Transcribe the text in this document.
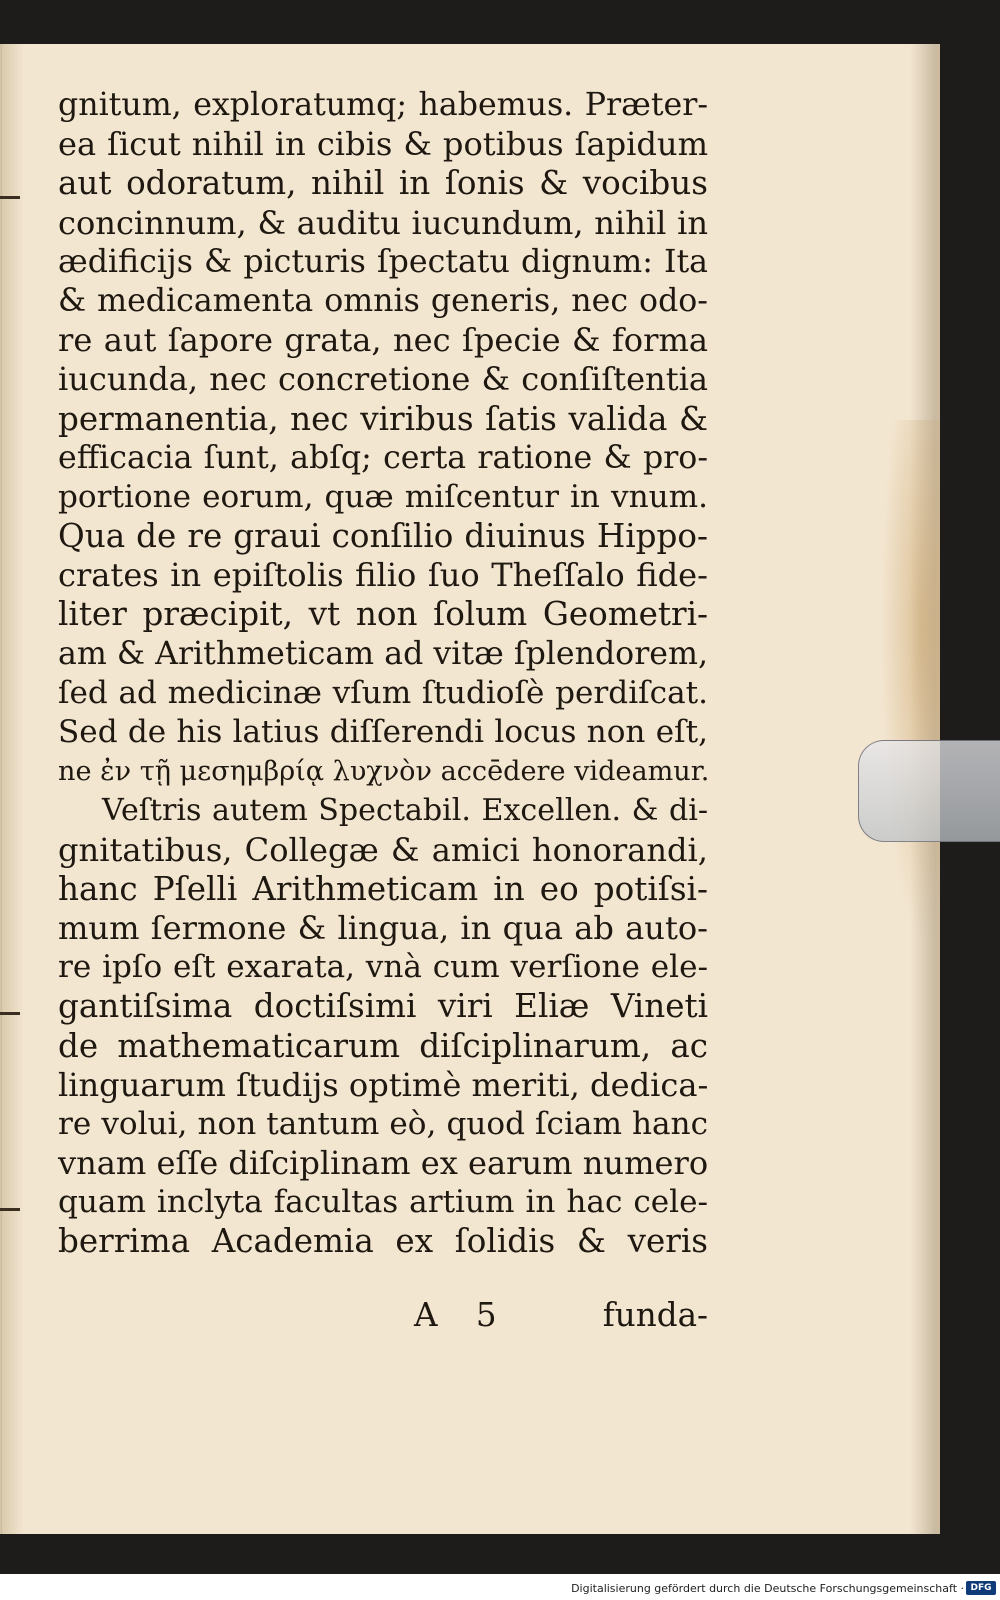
gnitum, exploratumq; habemus. Præter-
ea ſicut nihil in cibis & potibus ſapidum
aut odoratum, nihil in ſonis & vocibus
concinnum, & auditu iucundum, nihil in
ædificijs & picturis ſpectatu dignum: Ita
& medicamenta omnis generis, nec odo-
re aut ſapore grata, nec ſpecie & forma
iucunda, nec concretione & conſiſtentia
permanentia, nec viribus ſatis valida &
efficacia ſunt, abſq; certa ratione & pro-
portione eorum, quæ miſcentur in vnum.
Qua de re graui conſilio diuinus Hippo-
crates in epiſtolis filio ſuo Theſſalo fide-
liter præcipit, vt non ſolum Geometri-
am & Arithmeticam ad vitæ ſplendorem,
ſed ad medicinæ vſum ſtudioſè perdiſcat.
Sed de his latius diſſerendi locus non eſt,
ne ἐν τῇ μεσημβρίᾳ λυχνὸν accēdere videamur.
Veſtris autem Spectabil. Excellen. & di-
gnitatibus, Collegæ & amici honorandi,
hanc Pſelli Arithmeticam in eo potiſsi-
mum ſermone & lingua, in qua ab auto-
re ipſo eſt exarata, vnà cum verſione ele-
gantiſsima doctiſsimi viri Eliæ Vineti
de mathematicarum diſciplinarum, ac
linguarum ſtudijs optimè meriti, dedica-
re volui, non tantum eò, quod ſciam hanc
vnam eſſe diſciplinam ex earum numero
quam inclyta facultas artium in hac cele-
berrima Academia ex ſolidis & veris
A 5	funda-
Digitalisierung gefördert durch die Deutsche Forschungsgemeinschaft · DFG
